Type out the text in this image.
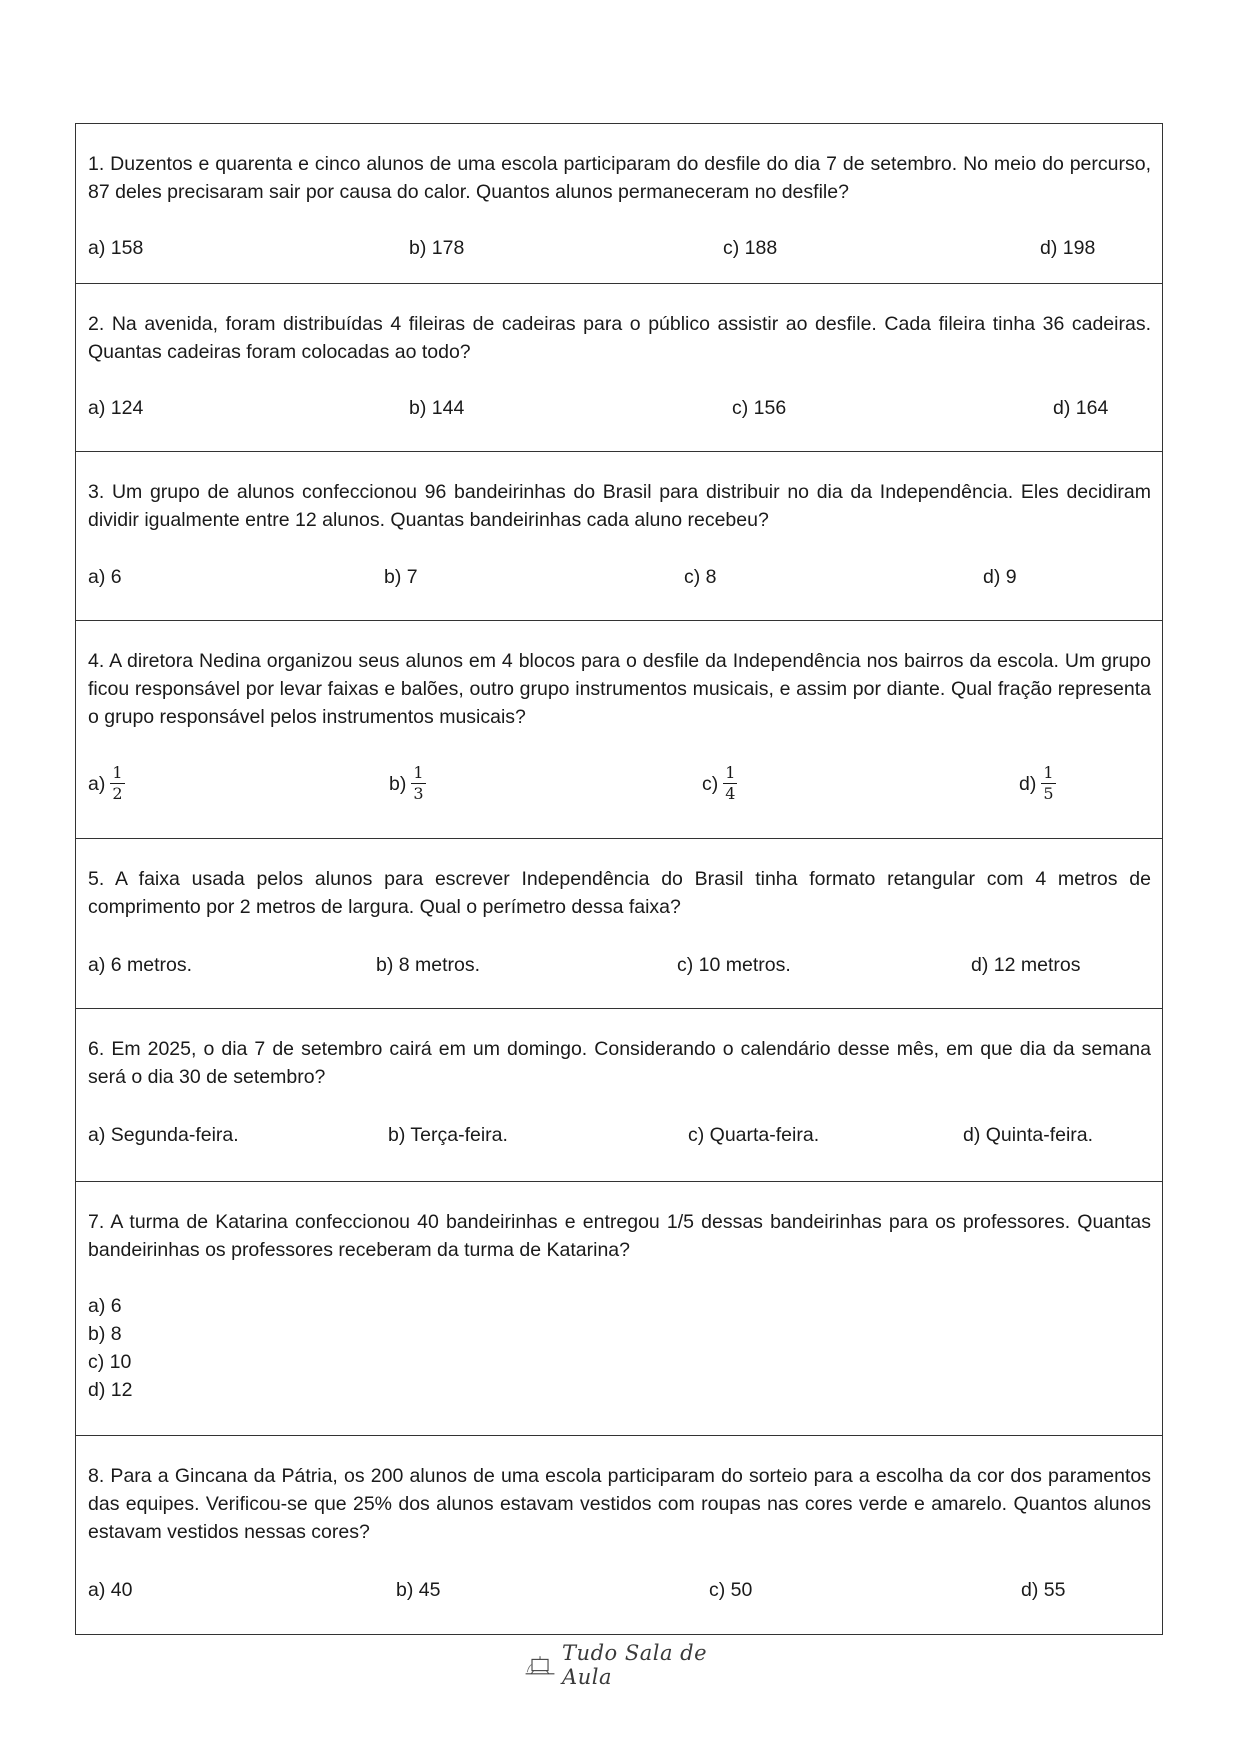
1. Duzentos e quarenta e cinco alunos de uma escola participaram do desfile do dia 7 de setembro. No meio do percurso, 87 deles precisaram sair por causa do calor. Quantos alunos permaneceram no desfile?

a) 158	b) 178	c) 188	d) 198

2. Na avenida, foram distribuídas 4 fileiras de cadeiras para o público assistir ao desfile. Cada fileira tinha 36 cadeiras. Quantas cadeiras foram colocadas ao todo?

a) 124	b) 144	c) 156	d) 164

3. Um grupo de alunos confeccionou 96 bandeirinhas do Brasil para distribuir no dia da Independência. Eles decidiram dividir igualmente entre 12 alunos. Quantas bandeirinhas cada aluno recebeu?

a) 6	b) 7	c) 8	d) 9

4. A diretora Nedina organizou seus alunos em 4 blocos para o desfile da Independência nos bairros da escola. Um grupo ficou responsável por levar faixas e balões, outro grupo instrumentos musicais, e assim por diante. Qual fração representa o grupo responsável pelos instrumentos musicais?

$a) \frac{1}{2}$	$b) \frac{1}{3}$	$c) \frac{1}{4}$	$d) \frac{1}{5}$

5. A faixa usada pelos alunos para escrever Independência do Brasil tinha formato retangular com 4 metros de comprimento por 2 metros de largura. Qual o perímetro dessa faixa?

a) 6 metros.	b) 8 metros.	c) 10 metros.	d) 12 metros

6. Em 2025, o dia 7 de setembro cairá em um domingo. Considerando o calendário desse mês, em que dia da semana será o dia 30 de setembro?

a) Segunda-feira.	b) Terça-feira.	c) Quarta-feira.	d) Quinta-feira.

7. A turma de Katarina confeccionou 40 bandeirinhas e entregou 1/5 dessas bandeirinhas para os professores. Quantas bandeirinhas os professores receberam da turma de Katarina?

a) 6
b) 8
c) 10
d) 12

8. Para a Gincana da Pátria, os 200 alunos de uma escola participaram do sorteio para a escolha da cor dos paramentos das equipes. Verificou-se que 25% dos alunos estavam vestidos com roupas nas cores verde e amarelo. Quantos alunos estavam vestidos nessas cores?

a) 40	b) 45	c) 50	d) 55
Tudo Sala de Aula
